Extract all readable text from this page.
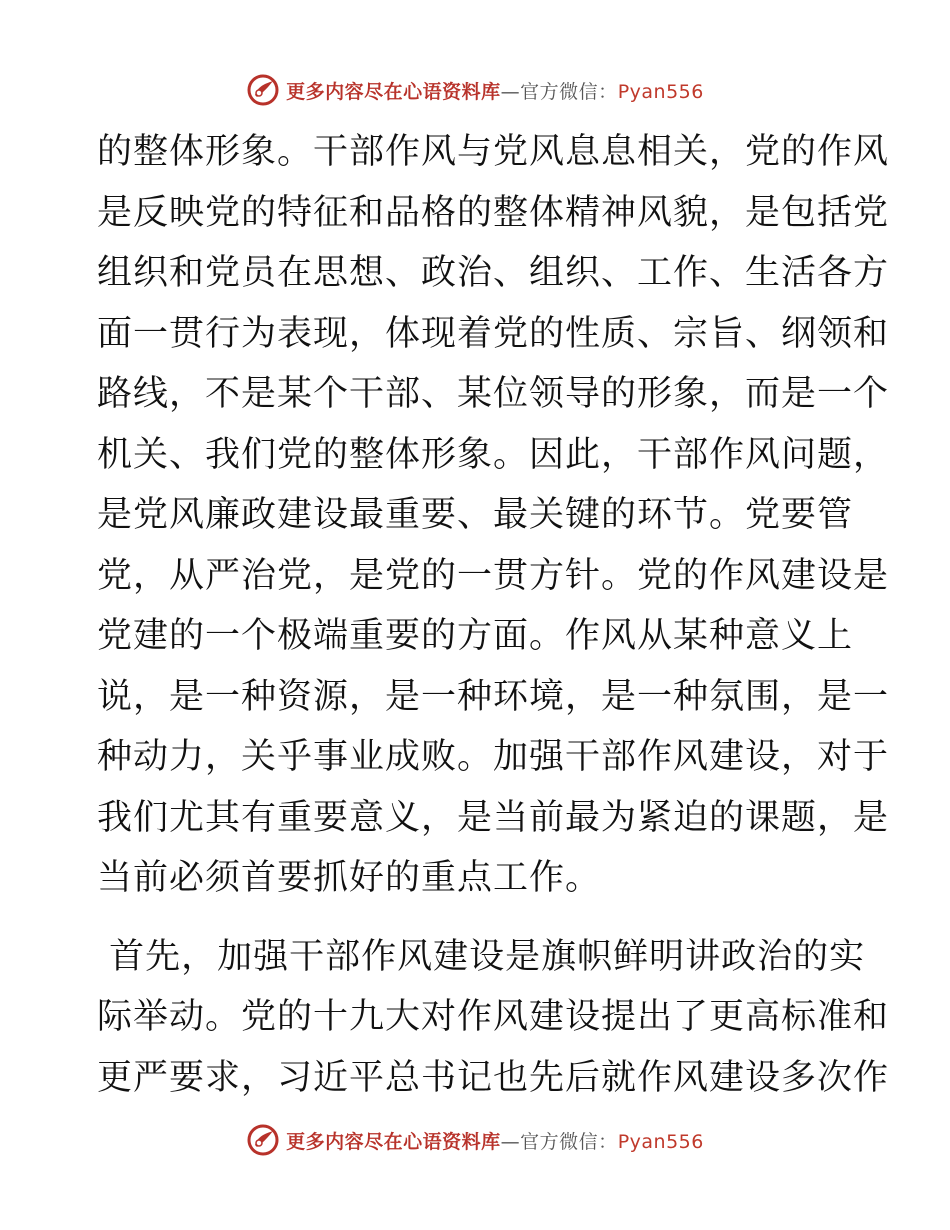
更多内容尽在心语资料库—官方微信：Pyan556
的整体形象。干部作风与党风息息相关，党的作风
是反映党的特征和品格的整体精神风貌，是包括党
组织和党员在思想、政治、组织、工作、生活各方
面一贯行为表现，体现着党的性质、宗旨、纲领和
路线，不是某个干部、某位领导的形象，而是一个
机关、我们党的整体形象。因此，干部作风问题，
是党风廉政建设最重要、最关键的环节。党要管
党，从严治党，是党的一贯方针。党的作风建设是
党建的一个极端重要的方面。作风从某种意义上
说，是一种资源，是一种环境，是一种氛围，是一
种动力，关乎事业成败。加强干部作风建设，对于
我们尤其有重要意义，是当前最为紧迫的课题，是
当前必须首要抓好的重点工作。
首先，加强干部作风建设是旗帜鲜明讲政治的实
际举动。党的十九大对作风建设提出了更高标准和
更严要求，习近平总书记也先后就作风建设多次作
更多内容尽在心语资料库—官方微信：Pyan556
